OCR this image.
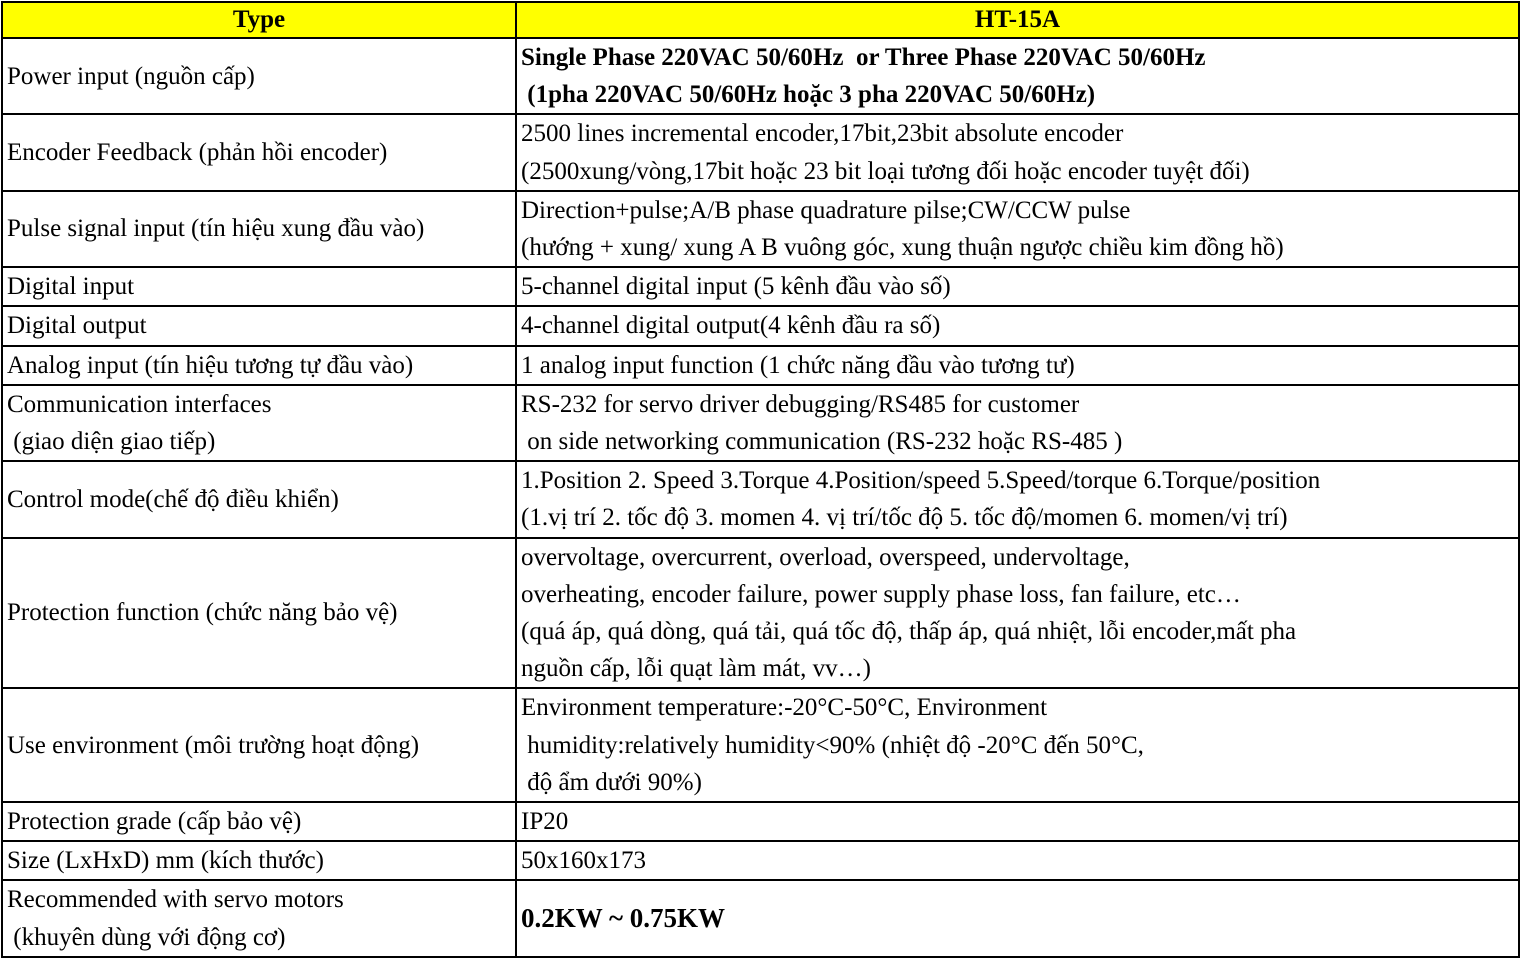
Type	HT-15A

Power input (nguồn cấp)	Single Phase 220VAC 50/60Hz  or Three Phase 220VAC 50/60Hz
(1pha 220VAC 50/60Hz hoặc 3 pha 220VAC 50/60Hz)

Encoder Feedback (phản hồi encoder)	2500 lines incremental encoder,17bit,23bit absolute encoder
(2500xung/vòng,17bit hoặc 23 bit loại tương đối hoặc encoder tuyệt đối)

Pulse signal input (tín hiệu xung đầu vào)	Direction+pulse;A/B phase quadrature pilse;CW/CCW pulse
(hướng + xung/ xung A B vuông góc, xung thuận ngược chiều kim đồng hồ)

Digital input	5-channel digital input (5 kênh đầu vào số)

Digital output	4-channel digital output(4 kênh đầu ra số)

Analog input (tín hiệu tương tự đầu vào)	1 analog input function (1 chức năng đầu vào tương tư)

Communication interfaces
(giao diện giao tiếp)	RS-232 for servo driver debugging/RS485 for customer
on side networking communication (RS-232 hoặc RS-485 )

Control mode(chế độ điều khiển)	1.Position 2. Speed 3.Torque 4.Position/speed 5.Speed/torque 6.Torque/position
(1.vị trí 2. tốc độ 3. momen 4. vị trí/tốc độ 5. tốc độ/momen 6. momen/vị trí)

Protection function (chức năng bảo vệ)	overvoltage, overcurrent, overload, overspeed, undervoltage,
overheating, encoder failure, power supply phase loss, fan failure, etc…
(quá áp, quá dòng, quá tải, quá tốc độ, thấp áp, quá nhiệt, lỗi encoder,mất pha
nguồn cấp, lỗi quạt làm mát, vv…)

Use environment (môi trường hoạt động)	Environment temperature:-20°C-50°C, Environment
humidity:relatively humidity<90% (nhiệt độ -20°C đến 50°C,
độ ẩm dưới 90%)

Protection grade (cấp bảo vệ)	IP20

Size (LxHxD) mm (kích thước)	50x160x173

Recommended with servo motors
(khuyên dùng với động cơ)	0.2KW ~ 0.75KW
